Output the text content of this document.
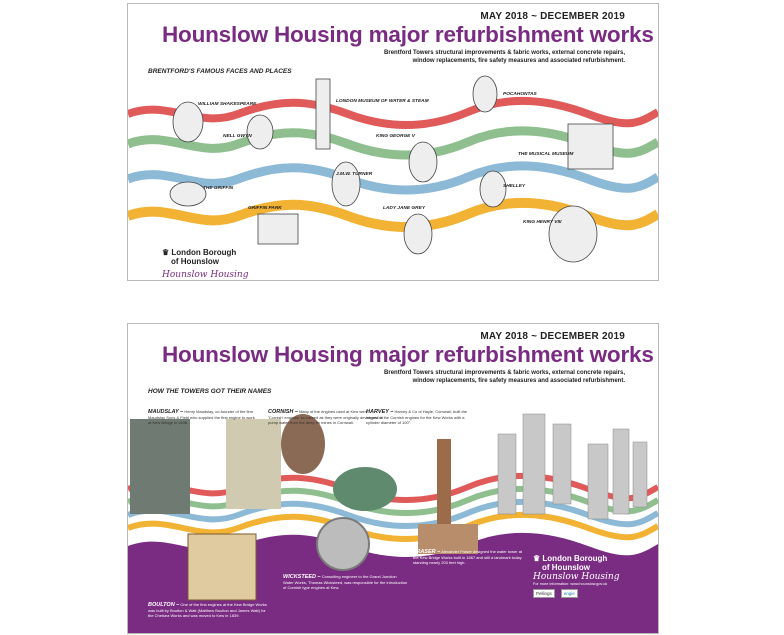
MAY 2018 ~ DECEMBER 2019
Hounslow Housing major refurbishment works
Brentford Towers structural improvements & fabric works, external concrete repairs, window replacements, fire safety measures and associated refurbishment.
BRENTFORD'S FAMOUS FACES AND PLACES
WILLIAM SHAKESPEARE
NELL GWYN
LONDON MUSEUM OF WATER & STEAM
POCAHONTAS
KING GEORGE V
THE MUSICAL MUSEUM
THE GRIFFIN
J.M.W. TURNER
SHELLEY
GRIFFIN PARK	LADY JANE GREY
KING HENRY VIII
♛ London Borough
of Hounslow
Hounslow Housing
MAY 2018 ~ DECEMBER 2019
Hounslow Housing major refurbishment works
Brentford Towers structural improvements & fabric works, external concrete repairs, window replacements, fire safety measures and associated refurbishment.
HOW THE TOWERS GOT THEIR NAMES
MAUDSLAY – Henry Maudslay, co-founder of the firm Maudslay Sons & Field who supplied the first engine to work at Kew Bridge in 1838.
CORNISH – Many of the engines used at Kew were 'Cornish' engines, so named as they were originally developed to pump water from the deep tin mines in Cornwall.
HARVEY – Harvey & Co of Hayle, Cornwall, built the largest of the Cornish engines for the Kew Works with a cylinder diameter of 100".
FRASER – Alexander Fraser designed the water tower at the Kew Bridge Works built in 1867 and still a landmark today standing nearly 200 feet high.
WICKSTEED – Consulting engineer to the Grand Junction Water Works, Thomas Wicksteed, was responsible for the introduction of Cornish type engines at Kew.
BOULTON – One of the first engines at the Kew Bridge Works was built by Boulton & Watt (Matthew Boulton and James Watt) for the Chelsea Works and was moved to Kew in 1839.
♛ London Borough
of Hounslow
Hounslow Housing
For more information: www.hounslow.gov.uk
Pellings	engie
